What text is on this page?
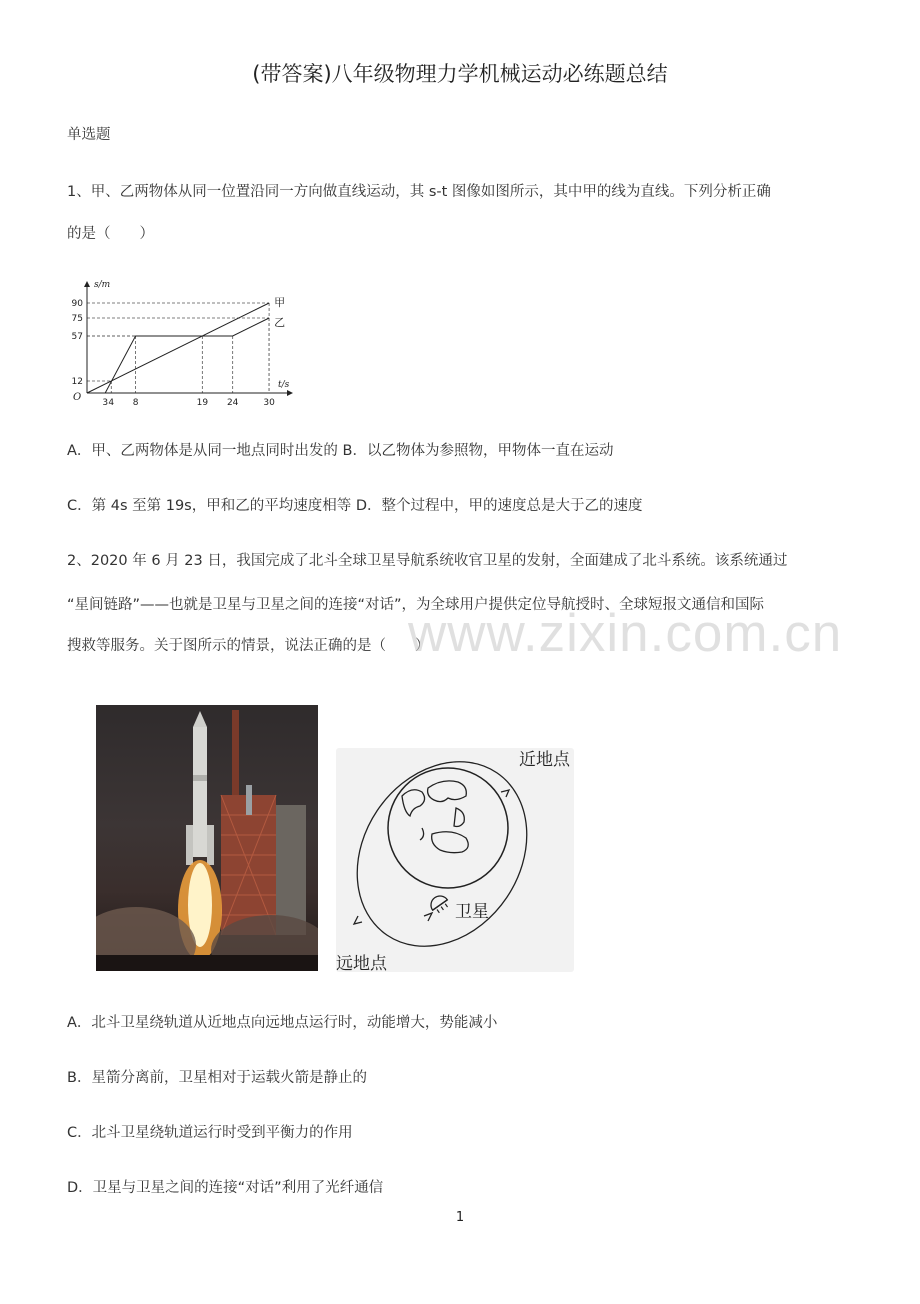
(带答案)八年级物理力学机械运动必练题总结
单选题
1、甲、乙两物体从同一位置沿同一方向做直线运动，其 s-t 图像如图所示，其中甲的线为直线。下列分析正确
的是（　　）
甲
乙
3 4 8	19 24	30
12
57
75
90
s/m
t/s
O
A．甲、乙两物体是从同一地点同时出发的 B．以乙物体为参照物，甲物体一直在运动
C．第 4s 至第 19s，甲和乙的平均速度相等 D．整个过程中，甲的速度总是大于乙的速度
2、2020 年 6 月 23 日，我国完成了北斗全球卫星导航系统收官卫星的发射，全面建成了北斗系统。该系统通过
“星间链路”——也就是卫星与卫星之间的连接“对话”，为全球用户提供定位导航授时、全球短报文通信和国际
搜救等服务。关于图所示的情景，说法正确的是（　　）
www.zixin.com.cn
近地点
卫星
远地点
A．北斗卫星绕轨道从近地点向远地点运行时，动能增大，势能减小
B．星箭分离前，卫星相对于运载火箭是静止的
C．北斗卫星绕轨道运行时受到平衡力的作用
D．卫星与卫星之间的连接“对话”利用了光纤通信
1
